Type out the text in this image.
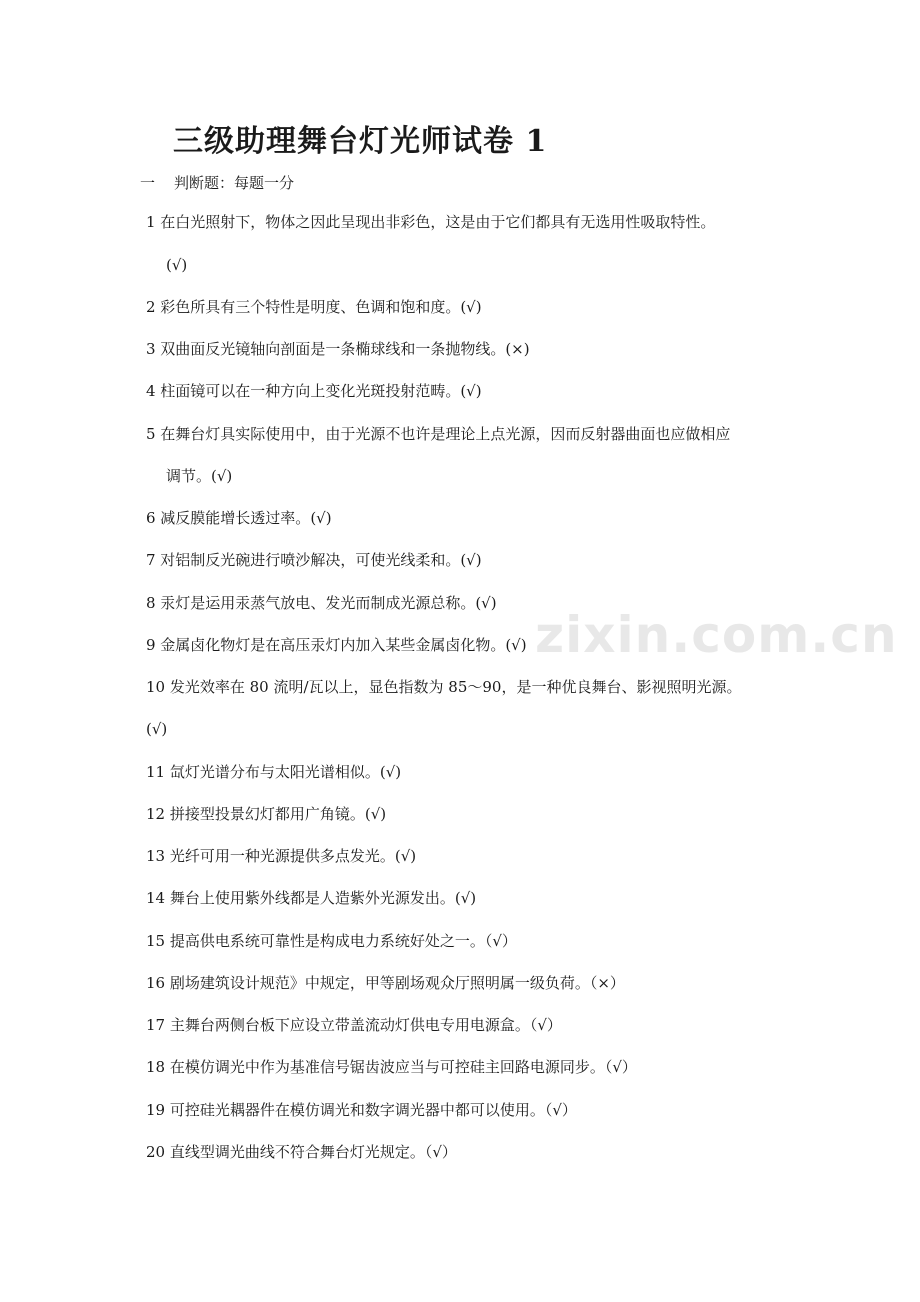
三级助理舞台灯光师试卷 1
一 判断题：每题一分
zixin.com.cn
1 在白光照射下，物体之因此呈现出非彩色，这是由于它们都具有无选用性吸取特性。
(√)
2 彩色所具有三个特性是明度、色调和饱和度。(√)
3 双曲面反光镜轴向剖面是一条椭球线和一条抛物线。(×)
4 柱面镜可以在一种方向上变化光斑投射范畴。(√)
5 在舞台灯具实际使用中，由于光源不也许是理论上点光源，因而反射器曲面也应做相应
调节。(√)
6 减反膜能增长透过率。(√)
7 对铝制反光碗进行喷沙解决，可使光线柔和。(√)
8 汞灯是运用汞蒸气放电、发光而制成光源总称。(√)
9 金属卤化物灯是在高压汞灯内加入某些金属卤化物。(√)
10 发光效率在 80 流明/瓦以上，显色指数为 85～90，是一种优良舞台、影视照明光源。
(√)
11 氙灯光谱分布与太阳光谱相似。(√)
12 拼接型投景幻灯都用广角镜。(√)
13 光纤可用一种光源提供多点发光。(√)
14 舞台上使用紫外线都是人造紫外光源发出。(√)
15 提高供电系统可靠性是构成电力系统好处之一。（√）
16 剧场建筑设计规范》中规定，甲等剧场观众厅照明属一级负荷。（×）
17 主舞台两侧台板下应设立带盖流动灯供电专用电源盒。（√）
18 在模仿调光中作为基准信号锯齿波应当与可控硅主回路电源同步。（√）
19 可控硅光耦器件在模仿调光和数字调光器中都可以使用。（√）
20 直线型调光曲线不符合舞台灯光规定。（√）
